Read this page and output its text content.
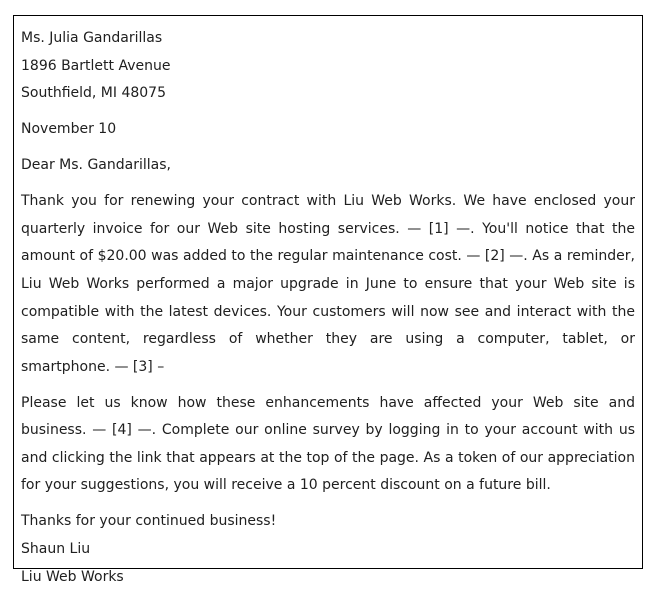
Ms. Julia Gandarillas
1896 Bartlett Avenue
Southfield, MI 48075
November 10
Dear Ms. Gandarillas,
Thank you for renewing your contract with Liu Web Works. We have enclosed your quarterly invoice for our Web site hosting services. — [1] —. You'll notice that the amount of $20.00 was added to the regular maintenance cost. — [2] —. As a reminder, Liu Web Works performed a major upgrade in June to ensure that your Web site is compatible with the latest devices. Your customers will now see and interact with the same content, regardless of whether they are using a computer, tablet, or smartphone. — [3] –
Please let us know how these enhancements have affected your Web site and business. — [4] —. Complete our online survey by logging in to your account with us and clicking the link that appears at the top of the page. As a token of our appreciation for your suggestions, you will receive a 10 percent discount on a future bill.
Thanks for your continued business!
Shaun Liu
Liu Web Works
